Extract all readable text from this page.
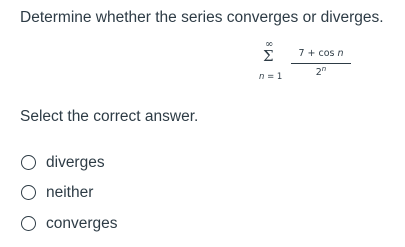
Determine whether the series converges or diverges.
∞
Σ
n = 1
7 + cos n
2$^n$
Select the correct answer.
diverges
neither
converges
